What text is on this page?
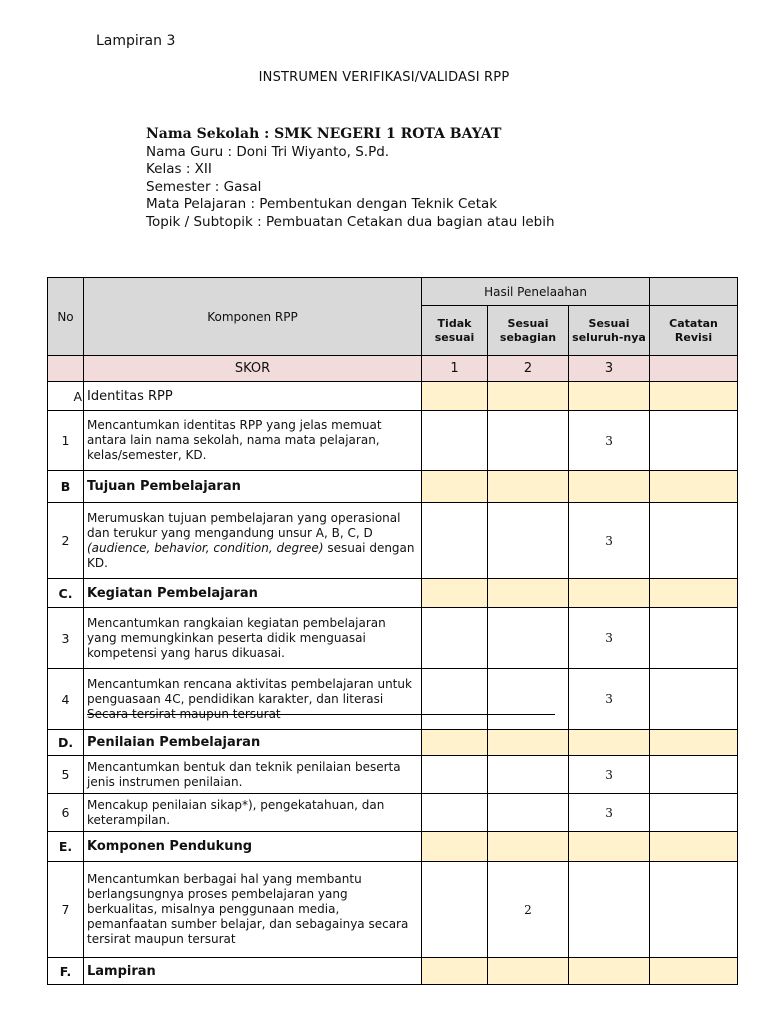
Lampiran 3
INSTRUMEN VERIFIKASI/VALIDASI RPP
Nama Sekolah : SMK NEGERI 1 ROTA BAYAT
Nama Guru : Doni Tri Wiyanto, S.Pd.
Kelas : XII
Semester : Gasal
Mata Pelajaran : Pembentukan dengan Teknik Cetak
Topik / Subtopik : Pembuatan Cetakan dua bagian atau lebih
No	Komponen RPP	Hasil Penelaahan			
		Tidak sesuai	Sesuai sebagian	Sesuai seluruh-nya	Catatan Revisi
	SKOR	1	2	3	
A	Identitas RPP				
1	Mencantumkan identitas RPP yang jelas memuat antara lain nama sekolah, nama mata pelajaran, kelas/semester, KD.			3	
B	Tujuan Pembelajaran				
2	Merumuskan tujuan pembelajaran yang operasional dan terukur yang mengandung unsur A, B, C, D (audience, behavior, condition, degree) sesuai dengan KD.			3	
C.	Kegiatan Pembelajaran				
3	Mencantumkan rangkaian kegiatan pembelajaran yang memungkinkan peserta didik menguasai kompetensi yang harus dikuasai.			3	
4	Mencantumkan rencana aktivitas pembelajaran untuk penguasaan 4C, pendidikan karakter, dan literasi Secara tersirat maupun tersurat			3	
D.	Penilaian Pembelajaran				
5	Mencantumkan bentuk dan teknik penilaian beserta jenis instrumen penilaian.			3	
6	Mencakup penilaian sikap*), pengekatahuan, dan keterampilan.			3	
E.	Komponen Pendukung				
7	Mencantumkan berbagai hal yang membantu berlangsungnya proses pembelajaran yang berkualitas, misalnya penggunaan media, pemanfaatan sumber belajar, dan sebagainya secara tersirat maupun tersurat		2		
F.	Lampiran				
